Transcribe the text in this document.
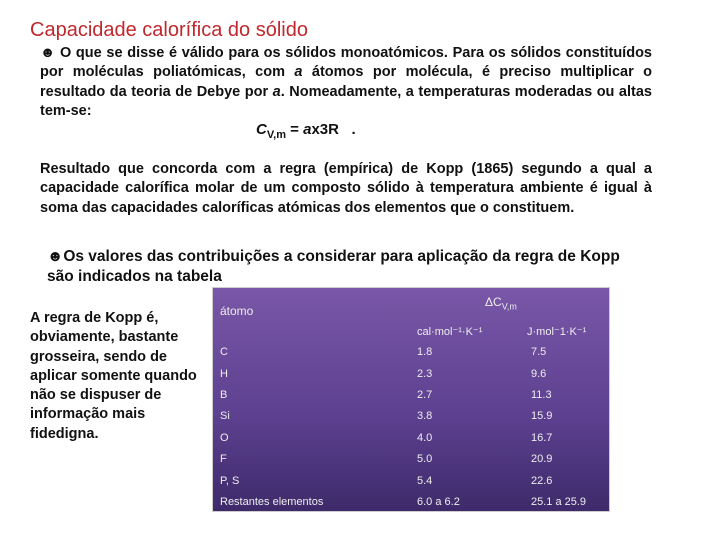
Capacidade calorífica do sólido
☻ O que se disse é válido para os sólidos monoatómicos. Para os sólidos constituídos por moléculas poliatómicas, com a átomos por molécula, é preciso multiplicar o resultado da teoria de Debye por a. Nomeadamente, a temperaturas moderadas ou altas tem-se:
$C_{V,m} = ax3R$ .
Resultado que concorda com a regra (empírica) de Kopp (1865) segundo a qual a capacidade calorífica molar de um composto sólido à temperatura ambiente é igual à soma das capacidades caloríficas atómicas dos elementos que o constituem.
☻Os valores das contribuições a considerar para aplicação da regra de Kopp são indicados na tabela
A regra de Kopp é, obviamente, bastante grosseira, sendo de aplicar somente quando não se dispuser de informação mais fidedigna.
átomo
$\Delta C_{V,m}$
cal·mol⁻¹·K⁻¹	J·mol⁻1·K⁻¹
C	1.8	7.5
H	2.3	9.6
B	2.7	11.3
Si	3.8	15.9
O	4.0	16.7
F	5.0	20.9
P, S	5.4	22.6
Restantes elementos	6.0 a 6.2	25.1 a 25.9
